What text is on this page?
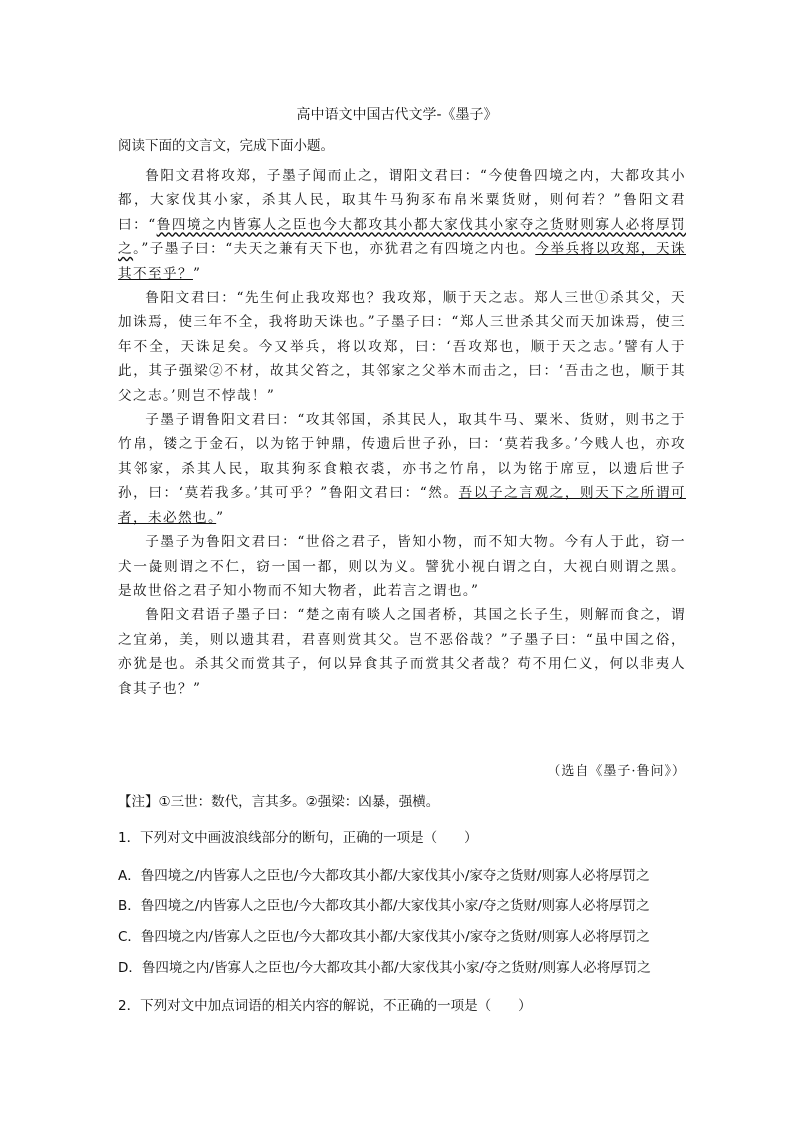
高中语文中国古代文学-《墨子》
阅读下面的文言文，完成下面小题。

鲁阳文君将攻郑，子墨子闻而止之，谓阳文君曰：“今使鲁四境之内，大都攻其小都，大家伐其小家，杀其人民，取其牛马狗豕布帛米粟货财，则何若？”鲁阳文君曰：“鲁四境之内皆寡人之臣也今大都攻其小都大家伐其小家夺之货财则寡人必将厚罚之。”子墨子曰：“夫天之兼有天下也，亦犹君之有四境之内也。今举兵将以攻郑，天诛其不至乎？”

鲁阳文君曰：“先生何止我攻郑也？我攻郑，顺于天之志。郑人三世①杀其父，天加诛焉，使三年不全，我将助天诛也。”子墨子曰：“郑人三世杀其父而天加诛焉，使三年不全，天诛足矣。今又举兵，将以攻郑，曰：‘吾攻郑也，顺于天之志。’譬有人于此，其子强梁②不材，故其父笞之，其邻家之父举木而击之，曰：‘吾击之也，顺于其父之志。’则岂不悖哉！”

子墨子谓鲁阳文君曰：“攻其邻国，杀其民人，取其牛马、粟米、货财，则书之于竹帛，镂之于金石，以为铭于钟鼎，传遗后世子孙，曰：‘莫若我多。’今贱人也，亦攻其邻家，杀其人民，取其狗豕食粮衣裘，亦书之竹帛，以为铭于席豆，以遗后世子孙，曰：‘莫若我多。’其可乎？”鲁阳文君曰：“然。吾以子之言观之，则天下之所谓可者，未必然也。”

子墨子为鲁阳文君曰：“世俗之君子，皆知小物，而不知大物。今有人于此，窃一犬一彘则谓之不仁，窃一国一都，则以为义。譬犹小视白谓之白，大视白则谓之黑。是故世俗之君子知小物而不知大物者，此若言之谓也。”

鲁阳文君语子墨子曰：“楚之南有啖人之国者桥，其国之长子生，则解而食之，谓之宜弟，美，则以遗其君，君喜则赏其父。岂不恶俗哉？”子墨子曰：“虽中国之俗，亦犹是也。杀其父而赏其子，何以异食其子而赏其父者哉？苟不用仁义，何以非夷人食其子也？”

（选自《墨子·鲁问》）
【注】①三世：数代，言其多。②强梁：凶暴，强横。
1．下列对文中画波浪线部分的断句，正确的一项是（　　）
A．鲁四境之/内皆寡人之臣也/今大都攻其小都/大家伐其小/家夺之货财/则寡人必将厚罚之
B．鲁四境之/内皆寡人之臣也/今大都攻其小都/大家伐其小家/夺之货财/则寡人必将厚罚之
C．鲁四境之内/皆寡人之臣也/今大都攻其小都/大家伐其小/家夺之货财/则寡人必将厚罚之
D．鲁四境之内/皆寡人之臣也/今大都攻其小都/大家伐其小家/夺之货财/则寡人必将厚罚之
2．下列对文中加点词语的相关内容的解说，不正确的一项是（　　）
